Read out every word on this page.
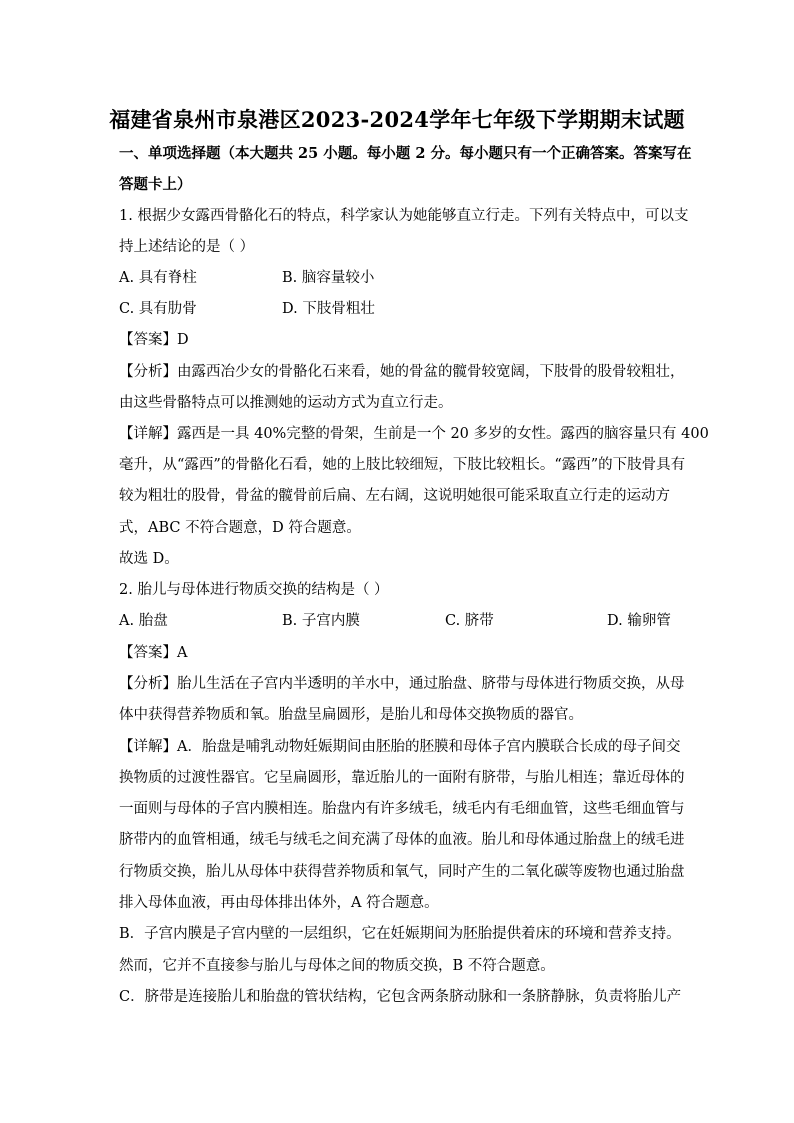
福建省泉州市泉港区2023-2024学年七年级下学期期末试题
一、单项选择题（本大题共 25 小题。每小题 2 分。每小题只有一个正确答案。答案写在
答题卡上）
1. 根据少女露西骨骼化石的特点，科学家认为她能够直立行走。下列有关特点中，可以支
持上述结论的是（ ）
A. 具有脊柱	B. 脑容量较小
C. 具有肋骨	D. 下肢骨粗壮
【答案】D
【分析】由露西冶少女的骨骼化石来看，她的骨盆的髋骨较宽阔，下肢骨的股骨较粗壮，
由这些骨骼特点可以推测她的运动方式为直立行走。
【详解】露西是一具 40%完整的骨架，生前是一个 20 多岁的女性。露西的脑容量只有 400
毫升，从“露西”的骨骼化石看，她的上肢比较细短，下肢比较粗长。“露西”的下肢骨具有
较为粗壮的股骨，骨盆的髋骨前后扁、左右阔，这说明她很可能采取直立行走的运动方
式，ABC 不符合题意，D 符合题意。
故选 D。
2. 胎儿与母体进行物质交换的结构是（ ）
A. 胎盘	B. 子宫内膜	C. 脐带	D. 输卵管
【答案】A
【分析】胎儿生活在子宫内半透明的羊水中，通过胎盘、脐带与母体进行物质交换，从母
体中获得营养物质和氧。胎盘呈扁圆形，是胎儿和母体交换物质的器官。
【详解】A．胎盘是哺乳动物妊娠期间由胚胎的胚膜和母体子宫内膜联合长成的母子间交
换物质的过渡性器官。它呈扁圆形，靠近胎儿的一面附有脐带，与胎儿相连；靠近母体的
一面则与母体的子宫内膜相连。胎盘内有许多绒毛，绒毛内有毛细血管，这些毛细血管与
脐带内的血管相通，绒毛与绒毛之间充满了母体的血液。胎儿和母体通过胎盘上的绒毛进
行物质交换，胎儿从母体中获得营养物质和氧气，同时产生的二氧化碳等废物也通过胎盘
排入母体血液，再由母体排出体外，A 符合题意。
B．子宫内膜是子宫内壁的一层组织，它在妊娠期间为胚胎提供着床的环境和营养支持。
然而，它并不直接参与胎儿与母体之间的物质交换，B 不符合题意。
C．脐带是连接胎儿和胎盘的管状结构，它包含两条脐动脉和一条脐静脉，负责将胎儿产
